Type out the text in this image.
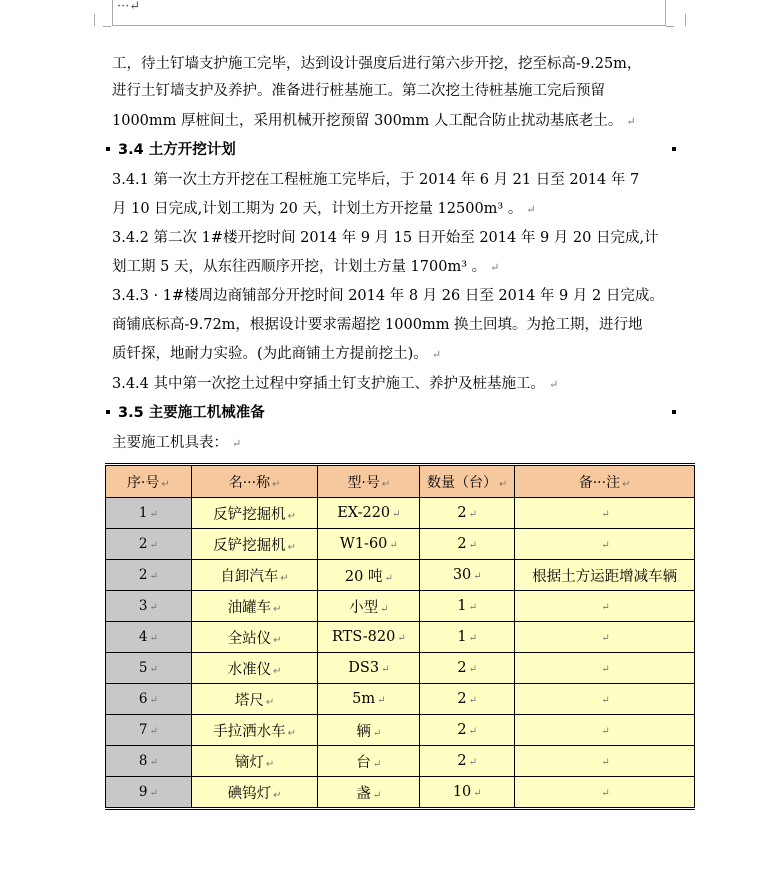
···↵
工，待土钉墙支护施工完毕，达到设计强度后进行第六步开挖，挖至标高-9.25m，
进行土钉墙支护及养护。准备进行桩基施工。第二次挖土待桩基施工完后预留
1000mm 厚桩间土，采用机械开挖预留 300mm 人工配合防止扰动基底老土。 ↵
3.4 土方开挖计划
3.4.1 第一次土方开挖在工程桩施工完毕后，于 2014 年 6 月 21 日至 2014 年 7
月 10 日完成,计划工期为 20 天，计划土方开挖量 12500m³ 。 ↵
3.4.2 第二次 1#楼开挖时间 2014 年 9 月 15 日开始至 2014 年 9 月 20 日完成,计
划工期 5 天，从东往西顺序开挖，计划土方量 1700m³ 。 ↵
3.4.3 · 1#楼周边商铺部分开挖时间 2014 年 8 月 26 日至 2014 年 9 月 2 日完成。
商铺底标高-9.72m，根据设计要求需超挖 1000mm 换土回填。为抢工期，进行地
质钎探，地耐力实验。(为此商铺土方提前挖土)。 ↵
3.4.4 其中第一次挖土过程中穿插土钉支护施工、养护及桩基施工。 ↵
3.5 主要施工机械准备
主要施工机具表： ↵
序·号 ↵	名···称 ↵	型·号 ↵	数量（台） ↵	备···注 ↵
1 ↵	反铲挖掘机 ↵	EX-220 ↵	2 ↵	↵
2 ↵	反铲挖掘机 ↵	W1-60 ↵	2 ↵	↵
2 ↵	自卸汽车 ↵	20 吨 ↵	30 ↵	根据土方运距增减车辆
3 ↵	油罐车 ↵	小型 ↵	1 ↵	↵
4 ↵	全站仪 ↵	RTS-820 ↵	1 ↵	↵
5 ↵	水准仪 ↵	DS3 ↵	2 ↵	↵
6 ↵	塔尺 ↵	5m ↵	2 ↵	↵
7 ↵	手拉洒水车 ↵	辆 ↵	2 ↵	↵
8 ↵	镝灯 ↵	台 ↵	2 ↵	↵
9 ↵	碘钨灯 ↵	盏 ↵	10 ↵	↵
